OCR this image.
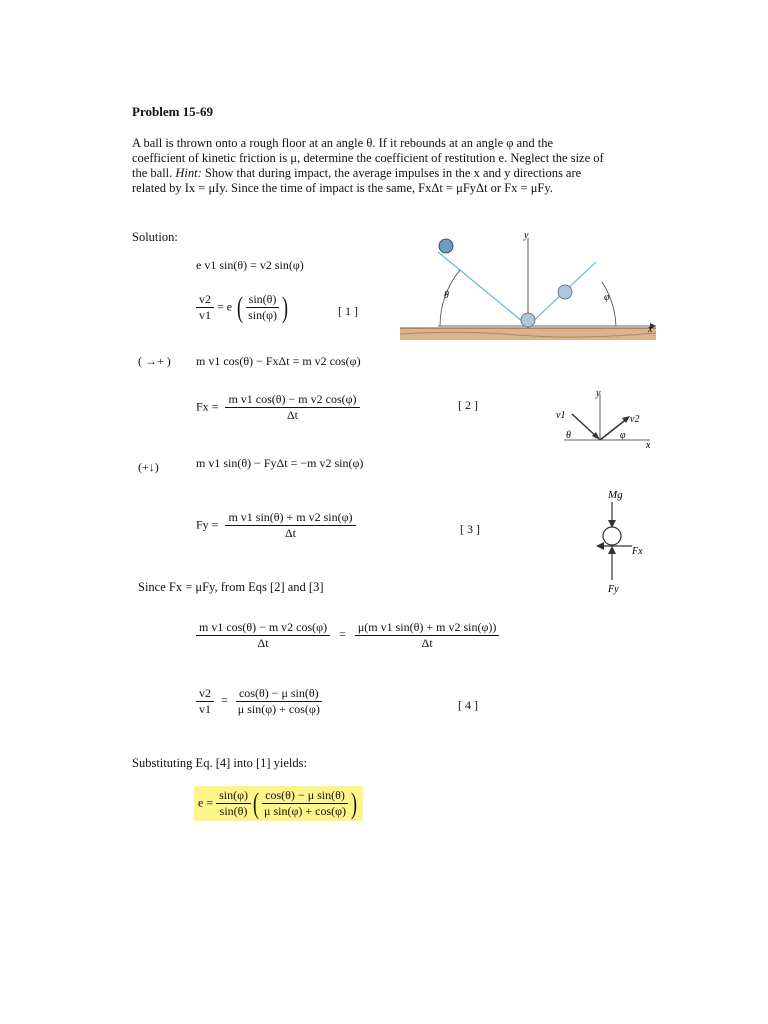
Problem 15-69

A ball is thrown onto a rough floor at an angle θ. If it rebounds at an angle φ and the

coefficient of kinetic friction is μ, determine the coefficient of restitution e. Neglect the size of

the ball. Hint: Show that during impact, the average impulses in the x and y directions are

related by Ix = μIy. Since the time of impact is the same, FxΔt = μFyΔt or Fx = μFy.

Solution:
e v1 sin(θ) = v2 sin(φ)
$\frac{v2}{v1} = e$ ( $\frac{\sin(\theta)}{\sin(\varphi)}$ )	[ 1 ]
( →+ ) m v1 cos(θ) − FxΔt = m v2 cos(φ)
$Fx = \frac{\text{m v1 cos(θ) − m v2 cos(φ)}}{\Delta t}$	[ 2 ]
(+↓)	m v1 sin(θ) − FyΔt = −m v2 sin(φ)
$Fy = \frac{\text{m v1 sin(θ) + m v2 sin(φ)}}{\Delta t}$	[ 3 ]
Since Fx = μFy, from Eqs [2] and [3]
$\frac{\text{m v1 cos(θ) − m v2 cos(φ)}}{\Delta t} = \frac{\text{μ(m v1 sin(θ) + m v2 sin(φ))}}{\Delta t}$
$\frac{v2}{v1} = \frac{\text{cos(θ) − μ sin(θ)}}{\text{μ sin(φ) + cos(φ)}}$	[ 4 ]
Substituting Eq. [4] into [1] yields:
$e = \frac{\sin(\varphi)}{\sin(\theta)}$ ( $\frac{\text{cos(θ) − μ sin(θ)}}{\text{μ sin(φ) + cos(φ)}}$ )
θ	φ
y
x
v1	v2
θ	φ
y
x
Mg
Fx
Fy
